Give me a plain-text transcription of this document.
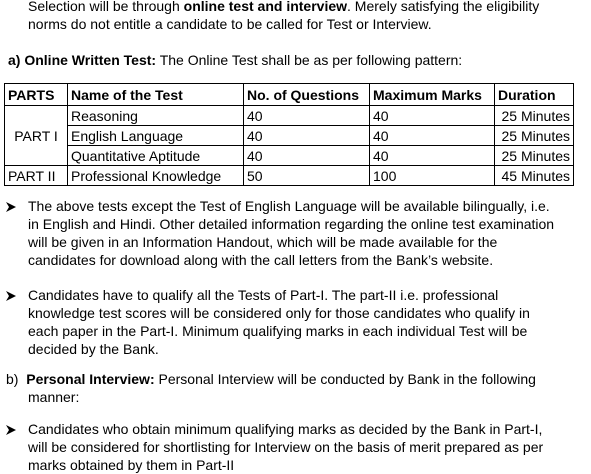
Selection will be through online test and interview. Merely satisfying the eligibility
norms do not entitle a candidate to be called for Test or Interview.
a) Online Written Test: The Online Test shall be as per following pattern:
PARTS	Name of the Test	No. of Questions	Maximum Marks	Duration
PART I	Reasoning	40	40	25 Minutes
	English Language	40	40	25 Minutes
	Quantitative Aptitude	40	40	25 Minutes
PART II	Professional Knowledge	50	100	45 Minutes
The above tests except the Test of English Language will be available bilingually, i.e.
in English and Hindi. Other detailed information regarding the online test examination
will be given in an Information Handout, which will be made available for the
candidates for download along with the call letters from the Bank’s website.
Candidates have to qualify all the Tests of Part-I. The part-II i.e. professional
knowledge test scores will be considered only for those candidates who qualify in
each paper in the Part-I. Minimum qualifying marks in each individual Test will be
decided by the Bank.
b) Personal Interview: Personal Interview will be conducted by Bank in the following
manner:
Candidates who obtain minimum qualifying marks as decided by the Bank in Part-I,
will be considered for shortlisting for Interview on the basis of merit prepared as per
marks obtained by them in Part-II
